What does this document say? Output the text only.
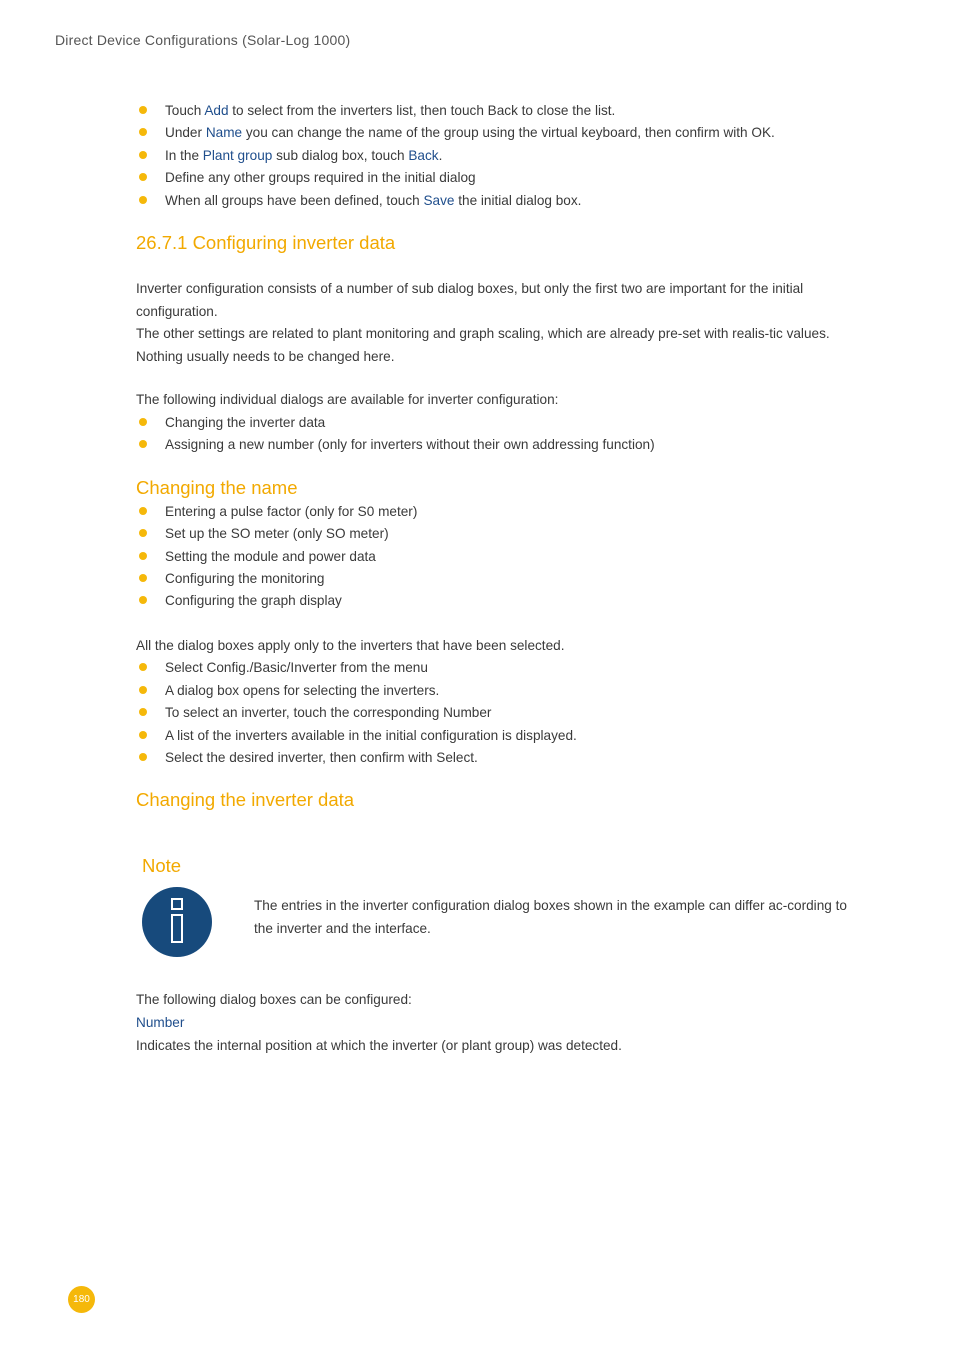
Direct Device Configurations (Solar-Log 1000)
Touch Add to select from the inverters list, then touch Back to close the list.
Under Name you can change the name of the group using the virtual keyboard, then confirm with OK.
In the Plant group sub dialog box, touch Back.
Define any other groups required in the initial dialog
When all groups have been defined, touch Save the initial dialog box.
26.7.1 Configuring inverter data

Inverter configuration consists of a number of sub dialog boxes, but only the first two are important for the initial configuration.

The other settings are related to plant monitoring and graph scaling, which are already pre-set with realis-tic values. Nothing usually needs to be changed here.

The following individual dialogs are available for inverter configuration:

Changing the inverter data
Assigning a new number (only for inverters without their own addressing function)
Changing the name
Entering a pulse factor (only for S0 meter)
Set up the SO meter (only SO meter)
Setting the module and power data
Configuring the monitoring
Configuring the graph display

All the dialog boxes apply only to the inverters that have been selected.

Select Config./Basic/Inverter from the menu
A dialog box opens for selecting the inverters.
To select an inverter, touch the corresponding Number
A list of the inverters available in the initial configuration is displayed.
Select the desired inverter, then confirm with Select.
Changing the inverter data
Note

The entries in the inverter configuration dialog boxes shown in the example can differ ac-cording to the inverter and the interface.

The following dialog boxes can be configured:

Number

Indicates the internal position at which the inverter (or plant group) was detected.

180
